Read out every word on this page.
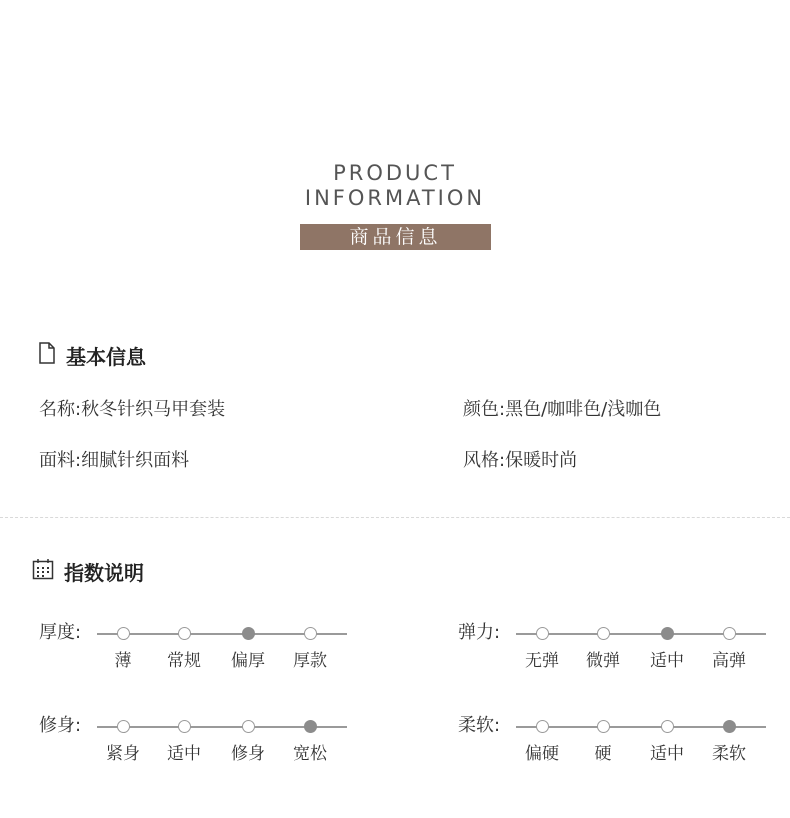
PRODUCT
INFORMATION
商品信息
基本信息
名称:秋冬针织马甲套装	颜色:黑色/咖啡色/浅咖色
面料:细腻针织面料	风格:保暖时尚
指数说明
厚度:
薄	常规	偏厚	厚款
弹力:
无弹	微弹	适中	高弹
修身:
紧身	适中	修身	宽松
柔软:
偏硬	硬	适中	柔软
